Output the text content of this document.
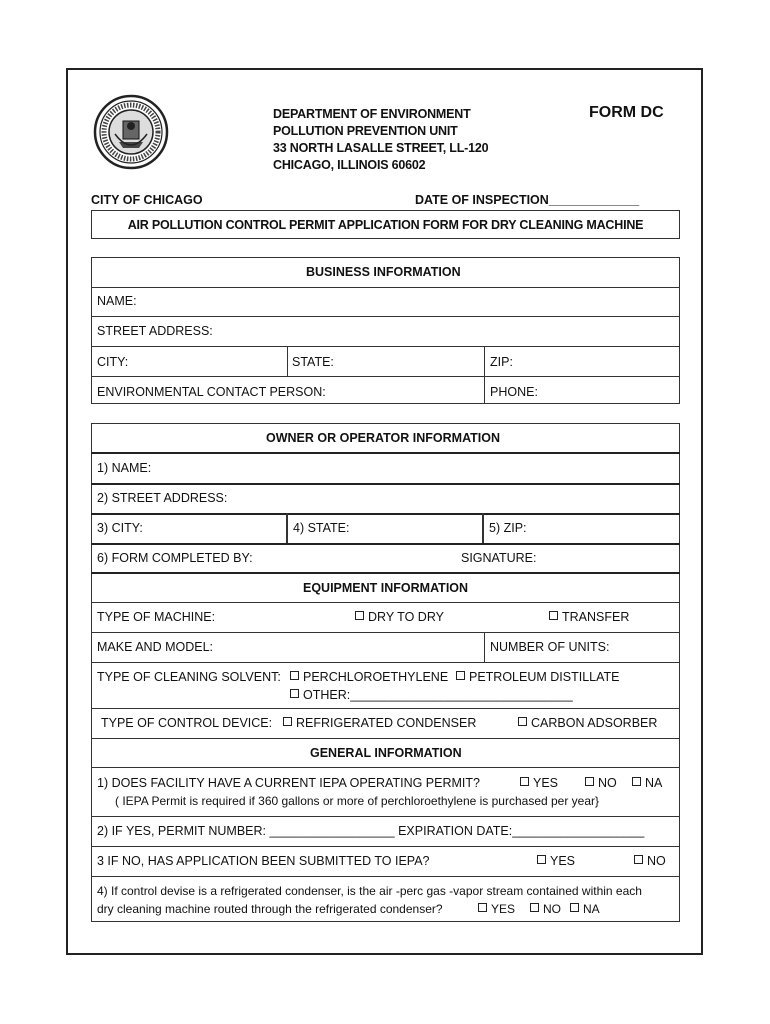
DEPARTMENT OF ENVIRONMENT
POLLUTION PREVENTION UNIT
33 NORTH LASALLE STREET, LL-120
CHICAGO, ILLINOIS 60602
FORM DC
CITY OF CHICAGO	DATE OF INSPECTION_____________
AIR POLLUTION CONTROL PERMIT APPLICATION FORM FOR DRY CLEANING MACHINE
BUSINESS INFORMATION
NAME:
STREET ADDRESS:
CITY:	STATE:	ZIP:
ENVIRONMENTAL CONTACT PERSON:	PHONE:
OWNER OR OPERATOR INFORMATION
1) NAME:
2) STREET ADDRESS:
3) CITY:	4) STATE:	5) ZIP:
6) FORM COMPLETED BY:	SIGNATURE:
EQUIPMENT INFORMATION
TYPE OF MACHINE:	DRY TO DRY	TRANSFER
MAKE AND MODEL:	NUMBER OF UNITS:
TYPE OF CLEANING SOLVENT:	PERCHLOROETHYLENE	PETROLEUM DISTILLATE
OTHER:________________________________
TYPE OF CONTROL DEVICE:	REFRIGERATED CONDENSER	CARBON ADSORBER
GENERAL INFORMATION
1) DOES FACILITY HAVE A CURRENT IEPA OPERATING PERMIT?	YES	NO	NA
( IEPA Permit is required if 360 gallons or more of perchloroethylene is purchased per year}
2) IF YES, PERMIT NUMBER: __________________ EXPIRATION DATE:___________________
3 IF NO, HAS APPLICATION BEEN SUBMITTED TO IEPA?	YES	NO
4) If control devise is a refrigerated condenser, is the air -perc gas -vapor stream contained within each
dry cleaning machine routed through the refrigerated condenser?	YES	NO	NA
